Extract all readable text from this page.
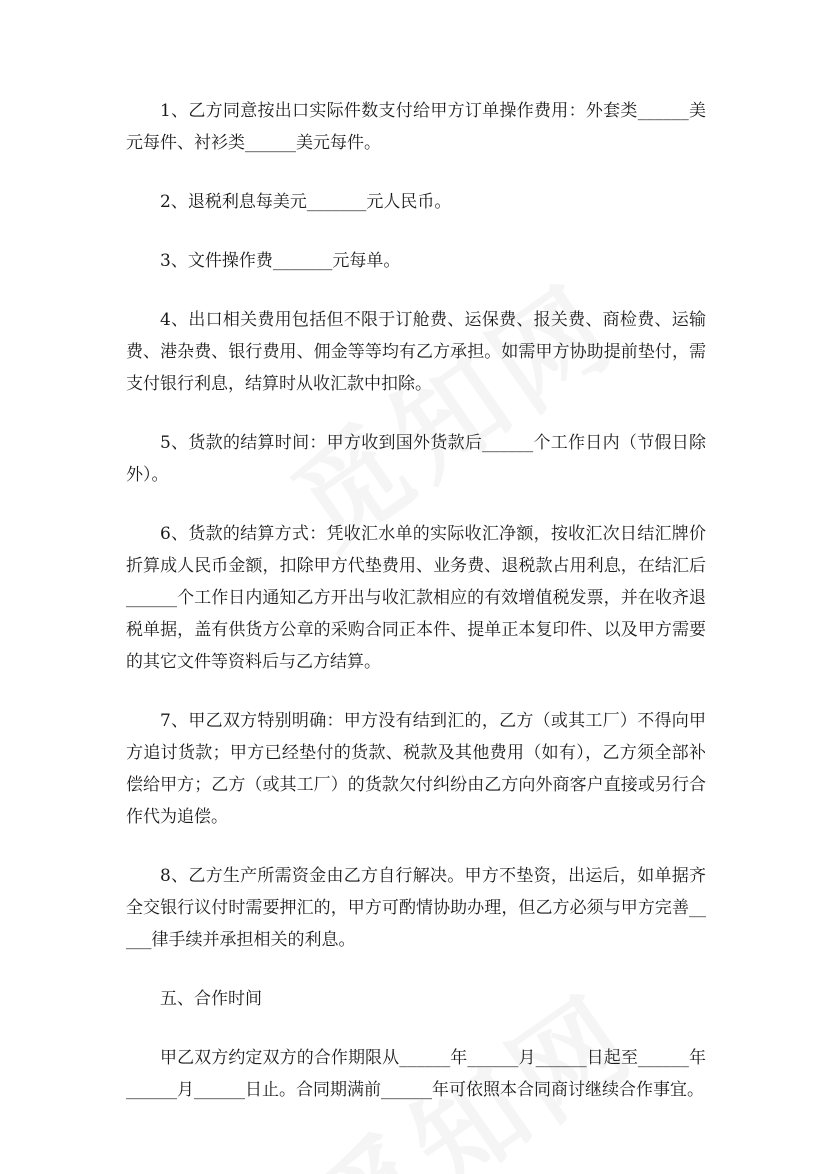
1、乙方同意按出口实际件数支付给甲方订单操作费用：外套类______美元每件、衬衫类______美元每件。

2、退税利息每美元_______元人民币。

3、文件操作费_______元每单。

4、出口相关费用包括但不限于订舱费、运保费、报关费、商检费、运输费、港杂费、银行费用、佣金等等均有乙方承担。如需甲方协助提前垫付，需支付银行利息，结算时从收汇款中扣除。

5、货款的结算时间：甲方收到国外货款后______个工作日内（节假日除外）。

6、货款的结算方式：凭收汇水单的实际收汇净额，按收汇次日结汇牌价折算成人民币金额，扣除甲方代垫费用、业务费、退税款占用利息，在结汇后______个工作日内通知乙方开出与收汇款相应的有效增值税发票，并在收齐退税单据，盖有供货方公章的采购合同正本件、提单正本复印件、以及甲方需要的其它文件等资料后与乙方结算。

7、甲乙双方特别明确：甲方没有结到汇的，乙方（或其工厂）不得向甲方追讨货款；甲方已经垫付的货款、税款及其他费用（如有），乙方须全部补偿给甲方；乙方（或其工厂）的货款欠付纠纷由乙方向外商客户直接或另行合作代为追偿。

8、乙方生产所需资金由乙方自行解决。甲方不垫资，出运后，如单据齐全交银行议付时需要押汇的，甲方可酌情协助办理，但乙方必须与甲方完善_____律手续并承担相关的利息。

五、合作时间

甲乙双方约定双方的合作期限从______年______月______日起至______年______月______日止。合同期满前______年可依照本合同商讨继续合作事宜。
